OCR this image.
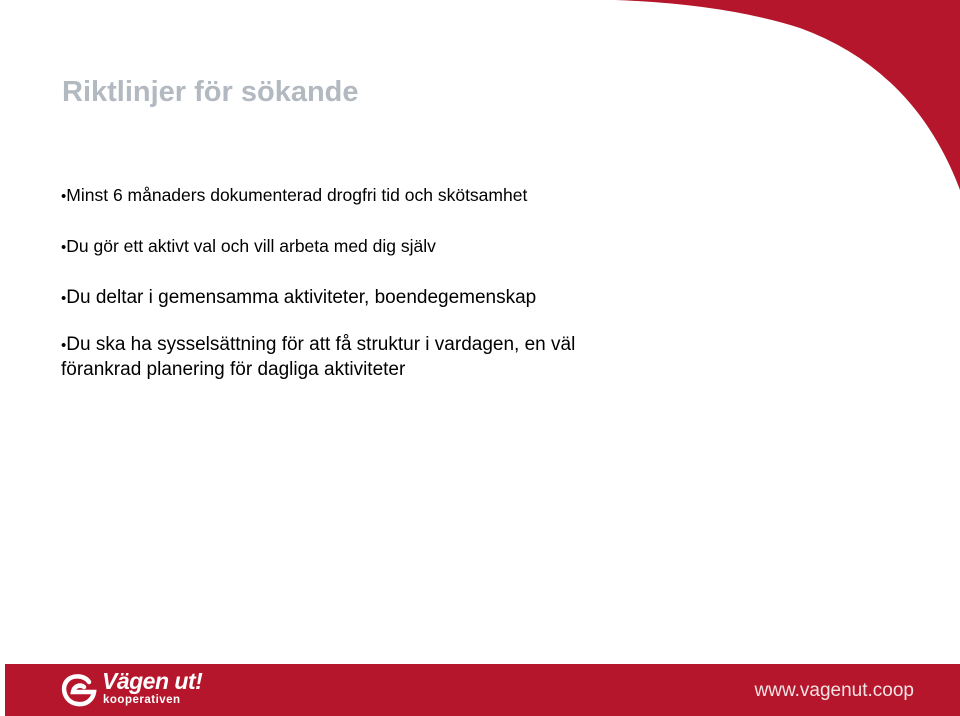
Riktlinjer för sökande
•Minst 6 månaders dokumenterad drogfri tid och skötsamhet
•Du gör ett aktivt val och vill arbeta med dig själv
•Du deltar i gemensamma aktiviteter, boendegemenskap
•Du ska ha sysselsättning för att få struktur i vardagen, en väl förankrad planering för dagliga aktiviteter
Vägen ut!
kooperativen	www.vagenut.coop
